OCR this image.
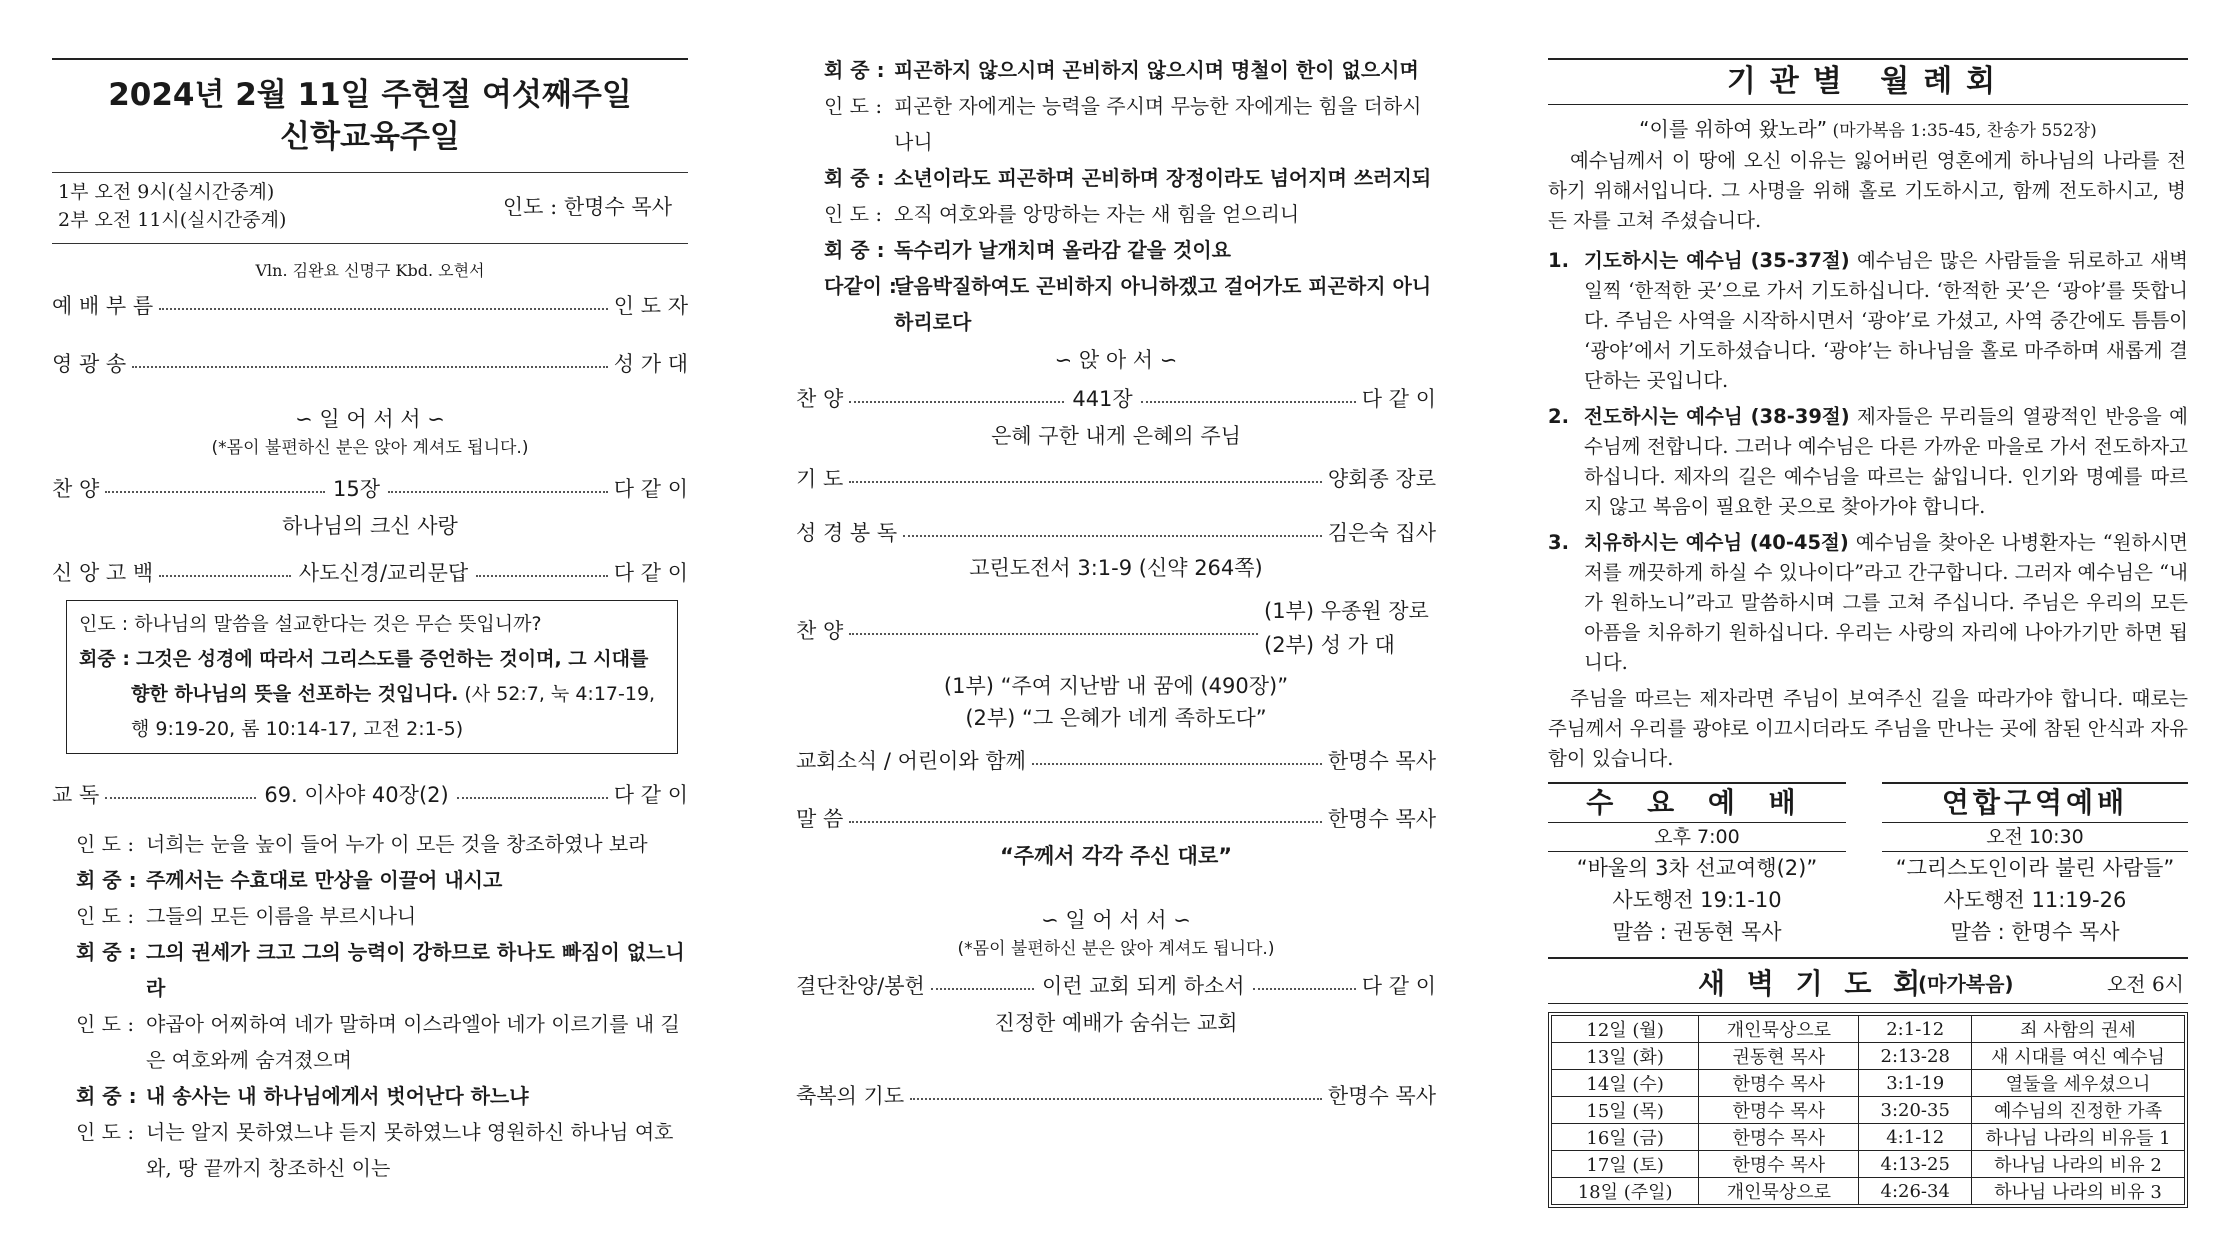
2024년 2월 11일 주현절 여섯째주일
신학교육주일
1부 오전 9시(실시간중계)
2부 오전 11시(실시간중계)
인도 : 한명수 목사
Vln. 김완요 신명구 Kbd. 오현서
예 배 부 름	인 도 자
영 광 송	성 가 대
∽ 일 어 서 서 ∽
(*몸이 불편하신 분은 앉아 계셔도 됩니다.)
찬 양	15장	다 같 이
하나님의 크신 사랑
신 앙 고 백	사도신경/교리문답	다 같 이
인도 : 하나님의 말씀을 설교한다는 것은 무슨 뜻입니까?
회중 : 그것은 성경에 따라서 그리스도를 증언하는 것이며, 그 시대를
향한 하나님의 뜻을 선포하는 것입니다. (사 52:7, 눅 4:17-19,
행 9:19-20, 롬 10:14-17, 고전 2:1-5)
교 독	69. 이사야 40장(2)	다 같 이
인 도 : 너희는 눈을 높이 들어 누가 이 모든 것을 창조하였나 보라
회 중 : 주께서는 수효대로 만상을 이끌어 내시고
인 도 : 그들의 모든 이름을 부르시나니
회 중 : 그의 권세가 크고 그의 능력이 강하므로 하나도 빠짐이 없느니라
인 도 : 야곱아 어찌하여 네가 말하며 이스라엘아 네가 이르기를 내 길은 여호와께 숨겨졌으며
회 중 : 내 송사는 내 하나님에게서 벗어난다 하느냐
인 도 : 너는 알지 못하였느냐 듣지 못하였느냐 영원하신 하나님 여호와, 땅 끝까지 창조하신 이는
회 중 : 피곤하지 않으시며 곤비하지 않으시며 명철이 한이 없으시며
인 도 : 피곤한 자에게는 능력을 주시며 무능한 자에게는 힘을 더하시나니
회 중 : 소년이라도 피곤하며 곤비하며 장정이라도 넘어지며 쓰러지되
인 도 : 오직 여호와를 앙망하는 자는 새 힘을 얻으리니
회 중 : 독수리가 날개치며 올라감 같을 것이요
다같이 :
달음박질하여도 곤비하지 아니하겠고 걸어가도 피곤하지 아니하리로다
∽ 앉 아 서 ∽
찬 양	441장	다 같 이
은혜 구한 내게 은혜의 주님
기 도	양회종 장로
성 경 봉 독	김은숙 집사
고린도전서 3:1-9 (신약 264쪽)
찬 양
(1부) 우종원 장로
(2부) 성 가 대
(1부) “주여 지난밤 내 꿈에 (490장)”
(2부) “그 은혜가 네게 족하도다”
교회소식 / 어린이와 함께	한명수 목사
말 씀	한명수 목사
“주께서 각각 주신 대로”
∽ 일 어 서 서 ∽
(*몸이 불편하신 분은 앉아 계셔도 됩니다.)
결단찬양/봉헌	이런 교회 되게 하소서	다 같 이
진정한 예배가 숨쉬는 교회
축복의 기도	한명수 목사
기관별 월례회
“이를 위하여 왔노라” (마가복음 1:35-45, 찬송가 552장)
예수님께서 이 땅에 오신 이유는 잃어버린 영혼에게 하나님의 나라를 전하기 위해서입니다. 그 사명을 위해 홀로 기도하시고, 함께 전도하시고, 병든 자를 고쳐 주셨습니다.
1. 기도하시는 예수님 (35-37절) 예수님은 많은 사람들을 뒤로하고 새벽 일찍 ‘한적한 곳’으로 가서 기도하십니다. ‘한적한 곳’은 ‘광야’를 뜻합니다. 주님은 사역을 시작하시면서 ‘광야’로 가셨고, 사역 중간에도 틈틈이 ‘광야’에서 기도하셨습니다. ‘광야’는 하나님을 홀로 마주하며 새롭게 결단하는 곳입니다.
2. 전도하시는 예수님 (38-39절) 제자들은 무리들의 열광적인 반응을 예수님께 전합니다. 그러나 예수님은 다른 가까운 마을로 가서 전도하자고 하십니다. 제자의 길은 예수님을 따르는 삶입니다. 인기와 명예를 따르지 않고 복음이 필요한 곳으로 찾아가야 합니다.
3. 치유하시는 예수님 (40-45절) 예수님을 찾아온 나병환자는 “원하시면 저를 깨끗하게 하실 수 있나이다”라고 간구합니다. 그러자 예수님은 “내가 원하노니”라고 말씀하시며 그를 고쳐 주십니다. 주님은 우리의 모든 아픔을 치유하기 원하십니다. 우리는 사랑의 자리에 나아가기만 하면 됩니다.
주님을 따르는 제자라면 주님이 보여주신 길을 따라가야 합니다. 때로는 주님께서 우리를 광야로 이끄시더라도 주님을 만나는 곳에 참된 안식과 자유함이 있습니다.
수 요 예 배
오후 7:00
“바울의 3차 선교여행(2)”
사도행전 19:1-10
말씀 : 권동현 목사
연합구역예배
오전 10:30
“그리스도인이라 불린 사람들”
사도행전 11:19-26
말씀 : 한명수 목사
새 벽 기 도 회
(마가복음)	오전 6시
12일 (월)	개인묵상으로	2:1-12	죄 사함의 권세
13일 (화)	권동현 목사	2:13-28	새 시대를 여신 예수님
14일 (수)	한명수 목사	3:1-19	열둘을 세우셨으니
15일 (목)	한명수 목사	3:20-35	예수님의 진정한 가족
16일 (금)	한명수 목사	4:1-12	하나님 나라의 비유들 1
17일 (토)	한명수 목사	4:13-25	하나님 나라의 비유 2
18일 (주일)	개인묵상으로	4:26-34	하나님 나라의 비유 3
